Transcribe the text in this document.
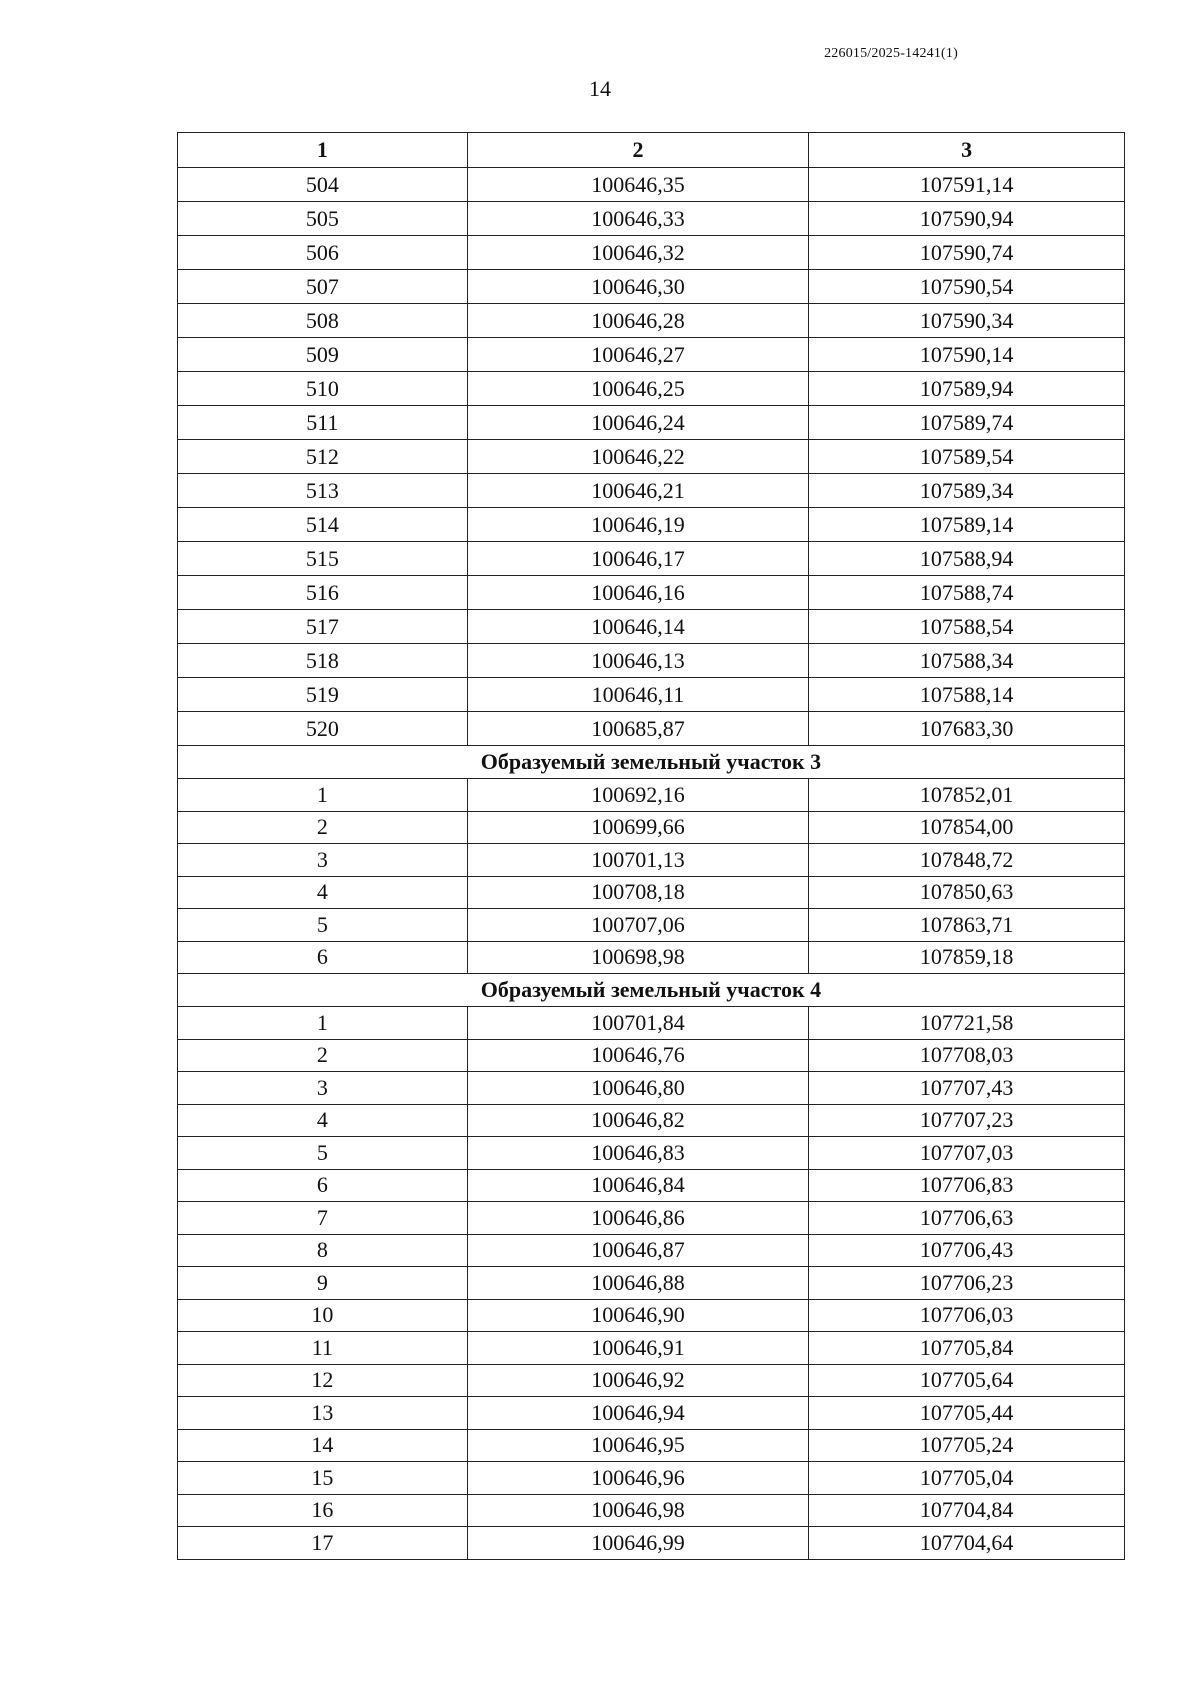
226015/2025-14241(1)
14
1	2	3
504	100646,35	107591,14
505	100646,33	107590,94
506	100646,32	107590,74
507	100646,30	107590,54
508	100646,28	107590,34
509	100646,27	107590,14
510	100646,25	107589,94
511	100646,24	107589,74
512	100646,22	107589,54
513	100646,21	107589,34
514	100646,19	107589,14
515	100646,17	107588,94
516	100646,16	107588,74
517	100646,14	107588,54
518	100646,13	107588,34
519	100646,11	107588,14
520	100685,87	107683,30
Образуемый земельный участок 3		
1	100692,16	107852,01
2	100699,66	107854,00
3	100701,13	107848,72
4	100708,18	107850,63
5	100707,06	107863,71
6	100698,98	107859,18
Образуемый земельный участок 4		
1	100701,84	107721,58
2	100646,76	107708,03
3	100646,80	107707,43
4	100646,82	107707,23
5	100646,83	107707,03
6	100646,84	107706,83
7	100646,86	107706,63
8	100646,87	107706,43
9	100646,88	107706,23
10	100646,90	107706,03
11	100646,91	107705,84
12	100646,92	107705,64
13	100646,94	107705,44
14	100646,95	107705,24
15	100646,96	107705,04
16	100646,98	107704,84
17	100646,99	107704,64
